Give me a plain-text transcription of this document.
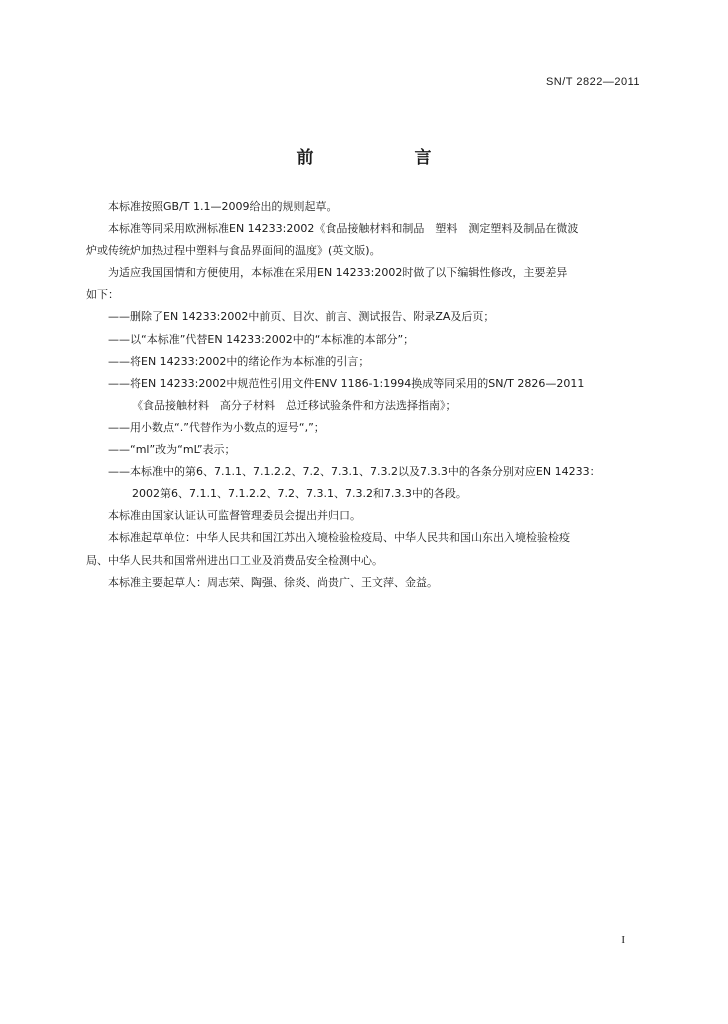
SN/T 2822—2011
前　言

本标准按照GB/T 1.1—2009给出的规则起草。

本标准等同采用欧洲标准EN 14233:2002《食品接触材料和制品　塑料　测定塑料及制品在微波

炉或传统炉加热过程中塑料与食品界面间的温度》(英文版)。

为适应我国国情和方便使用，本标准在采用EN 14233:2002时做了以下编辑性修改，主要差异

如下：

——删除了EN 14233:2002中前页、目次、前言、测试报告、附录ZA及后页；

——以“本标准”代替EN 14233:2002中的“本标准的本部分”；

——将EN 14233:2002中的绪论作为本标准的引言；

——将EN 14233:2002中规范性引用文件ENV 1186-1:1994换成等同采用的SN/T 2826—2011

《食品接触材料　高分子材料　总迁移试验条件和方法选择指南》；

——用小数点“.”代替作为小数点的逗号“,”；

——“ml”改为“mL”表示；

——本标准中的第6、7.1.1、7.1.2.2、7.2、7.3.1、7.3.2以及7.3.3中的各条分别对应EN 14233：

2002第6、7.1.1、7.1.2.2、7.2、7.3.1、7.3.2和7.3.3中的各段。

本标准由国家认证认可监督管理委员会提出并归口。

本标准起草单位：中华人民共和国江苏出入境检验检疫局、中华人民共和国山东出入境检验检疫

局、中华人民共和国常州进出口工业及消费品安全检测中心。

本标准主要起草人：周志荣、陶强、徐炎、尚贵广、王文萍、金益。

I
